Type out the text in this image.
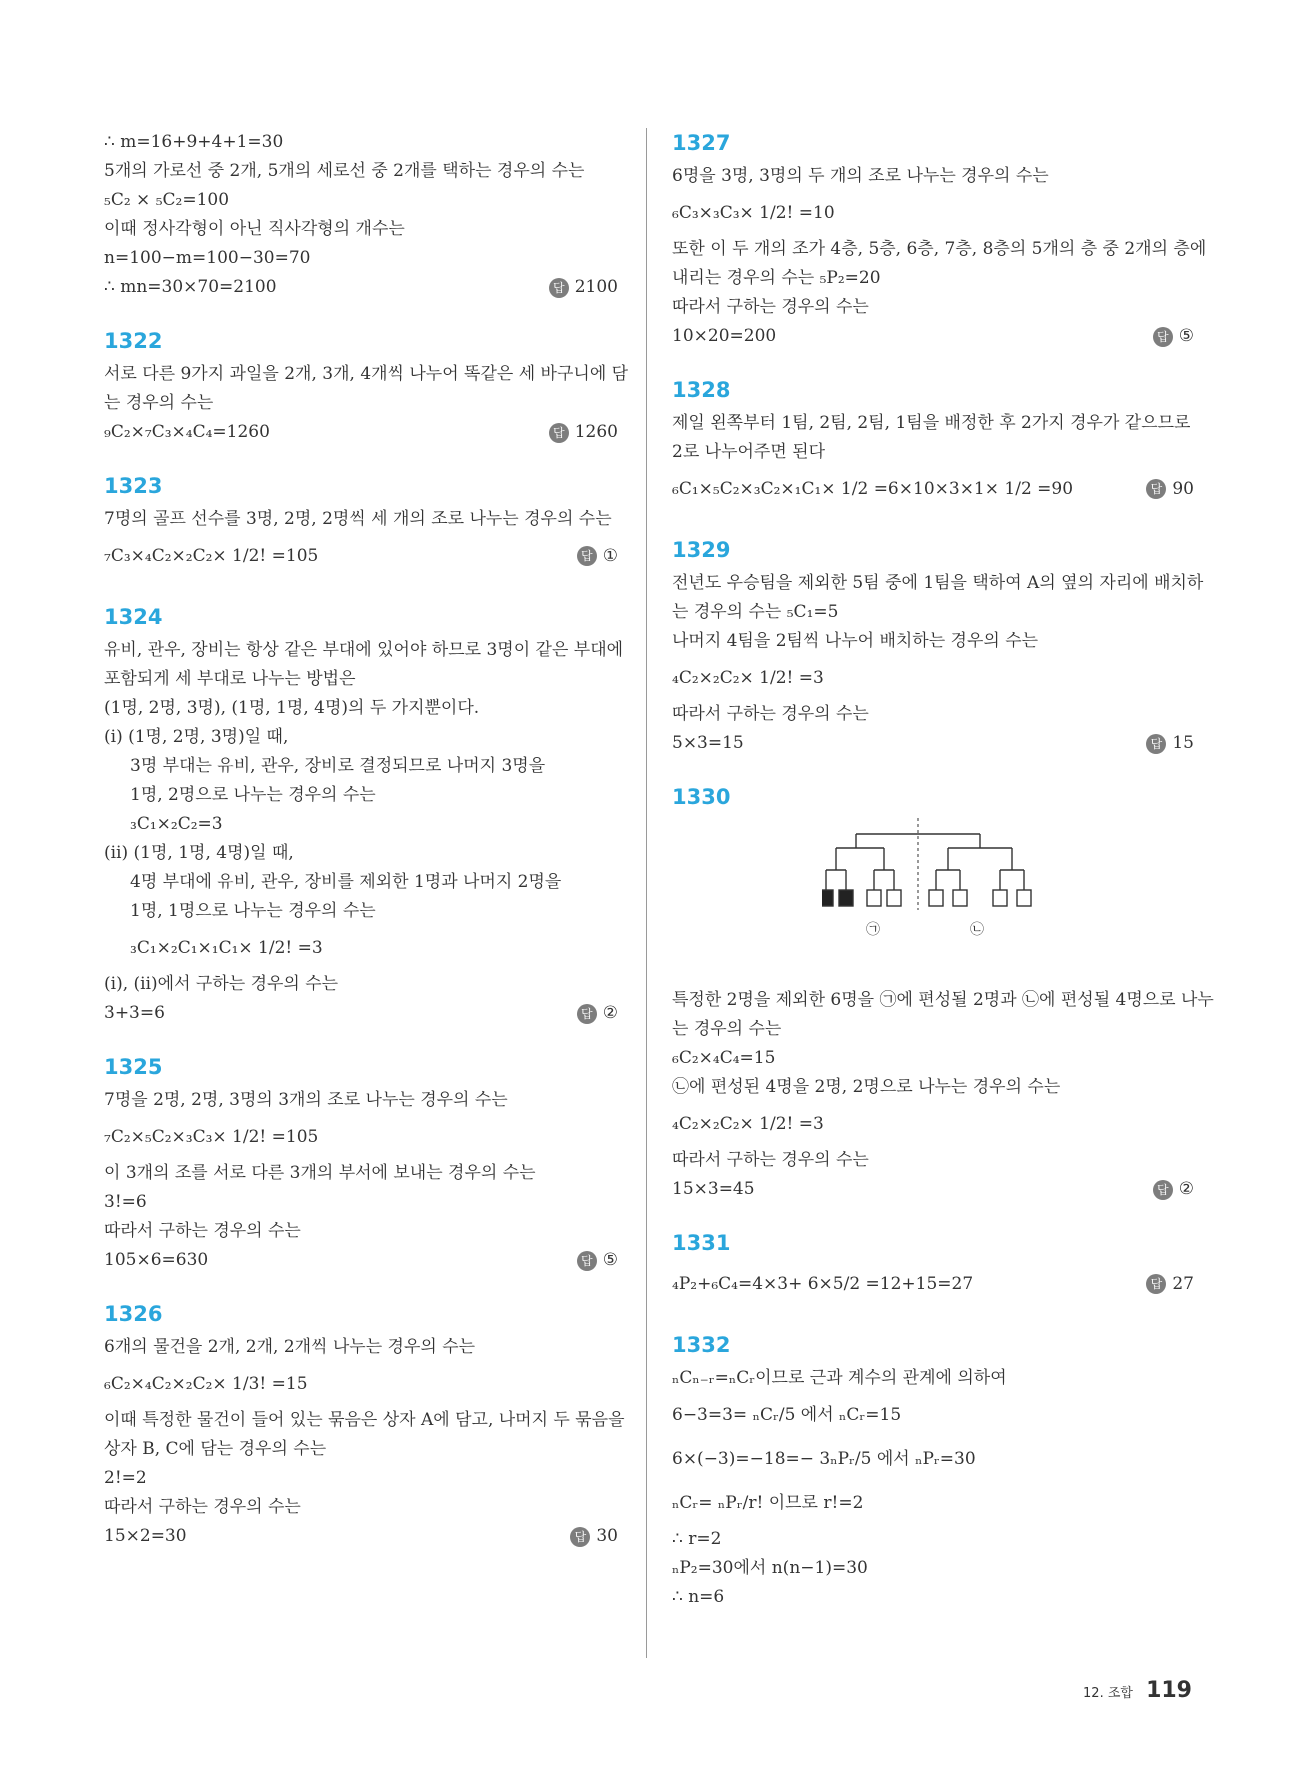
∴ m=16+9+4+1=30
5개의 가로선 중 2개, 5개의 세로선 중 2개를 택하는 경우의 수는
₅C₂ × ₅C₂=100
이때 정사각형이 아닌 직사각형의 개수는
n=100−m=100−30=70
∴ mn=30×70=2100	답 2100
1322
서로 다른 9가지 과일을 2개, 3개, 4개씩 나누어 똑같은 세 바구니에 담
는 경우의 수는
₉C₂×₇C₃×₄C₄=1260	답 1260
1323
7명의 골프 선수를 3명, 2명, 2명씩 세 개의 조로 나누는 경우의 수는
₇C₃×₄C₂×₂C₂× 1/2! =105	답 ①
1324
유비, 관우, 장비는 항상 같은 부대에 있어야 하므로 3명이 같은 부대에
포함되게 세 부대로 나누는 방법은
(1명, 2명, 3명), (1명, 1명, 4명)의 두 가지뿐이다.
(ⅰ) (1명, 2명, 3명)일 때,
3명 부대는 유비, 관우, 장비로 결정되므로 나머지 3명을
1명, 2명으로 나누는 경우의 수는
₃C₁×₂C₂=3
(ⅱ) (1명, 1명, 4명)일 때,
4명 부대에 유비, 관우, 장비를 제외한 1명과 나머지 2명을
1명, 1명으로 나누는 경우의 수는
₃C₁×₂C₁×₁C₁× 1/2! =3
(ⅰ), (ⅱ)에서 구하는 경우의 수는
3+3=6	답 ②
1325
7명을 2명, 2명, 3명의 3개의 조로 나누는 경우의 수는
₇C₂×₅C₂×₃C₃× 1/2! =105
이 3개의 조를 서로 다른 3개의 부서에 보내는 경우의 수는
3!=6
따라서 구하는 경우의 수는
105×6=630	답 ⑤
1326
6개의 물건을 2개, 2개, 2개씩 나누는 경우의 수는
₆C₂×₄C₂×₂C₂× 1/3! =15
이때 특정한 물건이 들어 있는 묶음은 상자 A에 담고, 나머지 두 묶음을
상자 B, C에 담는 경우의 수는
2!=2
따라서 구하는 경우의 수는
15×2=30	답 30
1327
6명을 3명, 3명의 두 개의 조로 나누는 경우의 수는
₆C₃×₃C₃× 1/2! =10
또한 이 두 개의 조가 4층, 5층, 6층, 7층, 8층의 5개의 층 중 2개의 층에
내리는 경우의 수는 ₅P₂=20
따라서 구하는 경우의 수는
10×20=200	답 ⑤
1328
제일 왼쪽부터 1팀, 2팀, 2팀, 1팀을 배정한 후 2가지 경우가 같으므로
2로 나누어주면 된다
₆C₁×₅C₂×₃C₂×₁C₁× 1/2 =6×10×3×1× 1/2 =90	답 90
1329
전년도 우승팀을 제외한 5팀 중에 1팀을 택하여 A의 옆의 자리에 배치하
는 경우의 수는 ₅C₁=5
나머지 4팀을 2팀씩 나누어 배치하는 경우의 수는
₄C₂×₂C₂× 1/2! =3
따라서 구하는 경우의 수는
5×3=15	답 15
1330
㉠	㉡
특정한 2명을 제외한 6명을 ㉠에 편성될 2명과 ㉡에 편성될 4명으로 나누
는 경우의 수는
₆C₂×₄C₄=15
㉡에 편성된 4명을 2명, 2명으로 나누는 경우의 수는
₄C₂×₂C₂× 1/2! =3
따라서 구하는 경우의 수는
15×3=45	답 ②
1331
₄P₂+₆C₄=4×3+ 6×5/2 =12+15=27	답 27
1332
ₙCₙ₋ᵣ=ₙCᵣ이므로 근과 계수의 관계에 의하여
6−3=3= ₙCᵣ/5 에서 ₙCᵣ=15
6×(−3)=−18=− 3ₙPᵣ/5 에서 ₙPᵣ=30
ₙCᵣ= ₙPᵣ/r! 이므로 r!=2
∴ r=2
ₙP₂=30에서 n(n−1)=30
∴ n=6
12. 조합 119
